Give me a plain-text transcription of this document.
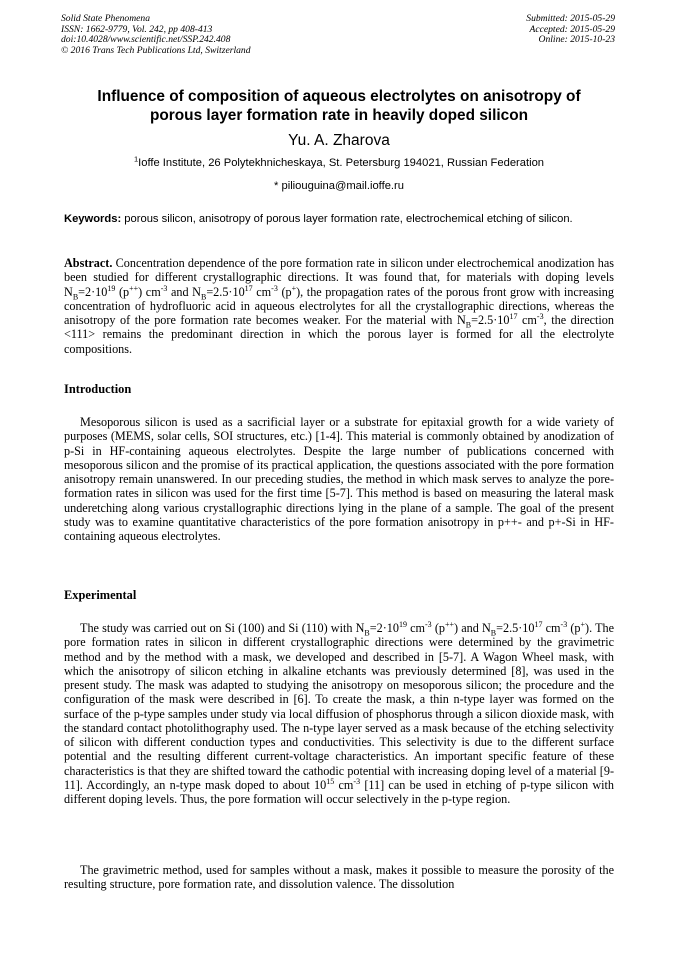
Solid State Phenomena
ISSN: 1662-9779, Vol. 242, pp 408-413
doi:10.4028/www.scientific.net/SSP.242.408
© 2016 Trans Tech Publications Ltd, Switzerland
Submitted: 2015-05-29
Accepted: 2015-05-29
Online: 2015-10-23
Influence of composition of aqueous electrolytes on anisotropy of
porous layer formation rate in heavily doped silicon
Yu. A. Zharova
$^1$Ioffe Institute, 26 Polytekhnicheskaya, St. Petersburg 194021, Russian Federation
* piliouguina@mail.ioffe.ru
Keywords: porous silicon, anisotropy of porous layer formation rate, electrochemical etching of silicon.
Abstract. Concentration dependence of the pore formation rate in silicon under electrochemical anodization has been studied for different crystallographic directions. It was found that, for materials with doping levels $N_B=2\cdot 10^{19}$ (p++) $cm^{-3}$ and $N_B=2.5\cdot 10^{17}$ $cm^{-3}$ (p+), the propagation rates of the porous front grow with increasing concentration of hydrofluoric acid in aqueous electrolytes for all the crystallographic directions, whereas the anisotropy of the pore formation rate becomes weaker. For the material with $N_B=2.5\cdot 10^{17}$ $cm^{-3}$, the direction <111> remains the predominant direction in which the porous layer is formed for all the electrolyte compositions.
Introduction
Mesoporous silicon is used as a sacrificial layer or a substrate for epitaxial growth for a wide variety of purposes (MEMS, solar cells, SOI structures, etc.) [1-4]. This material is commonly obtained by anodization of p-Si in HF-containing aqueous electrolytes. Despite the large number of publications concerned with mesoporous silicon and the promise of its practical application, the questions associated with the pore formation anisotropy remain unanswered. In our preceding studies, the method in which mask serves to analyze the pore-formation rates in silicon was used for the first time [5-7]. This method is based on measuring the lateral mask underetching along various crystallographic directions lying in the plane of a sample. The goal of the present study was to examine quantitative characteristics of the pore formation anisotropy in p++- and p+-Si in HF-containing aqueous electrolytes.
Experimental
The study was carried out on Si (100) and Si (110) with $N_B=2\cdot 10^{19}$ $cm^{-3}$ (p++) and $N_B=2.5\cdot 10^{17}$ $cm^{-3}$ (p+). The pore formation rates in silicon in different crystallographic directions were determined by the gravimetric method and by the method with a mask, we developed and described in [5-7]. A Wagon Wheel mask, with which the anisotropy of silicon etching in alkaline etchants was previously determined [8], was used in the present study. The mask was adapted to studying the anisotropy on mesoporous silicon; the procedure and the configuration of the mask were described in [6]. To create the mask, a thin n-type layer was formed on the surface of the p-type samples under study via local diffusion of phosphorus through a silicon dioxide mask, with the standard contact photolithography used. The n-type layer served as a mask because of the etching selectivity of silicon with different conduction types and conductivities. This selectivity is due to the different surface potential and the resulting different current-voltage characteristics. An important specific feature of these characteristics is that they are shifted toward the cathodic potential with increasing doping level of a material [9-11]. Accordingly, an n-type mask doped to about $10^{15}$ $cm^{-3}$ [11] can be used in etching of p-type silicon with different doping levels. Thus, the pore formation will occur selectively in the p-type region.
The gravimetric method, used for samples without a mask, makes it possible to measure the porosity of the resulting structure, pore formation rate, and dissolution valence. The dissolution
